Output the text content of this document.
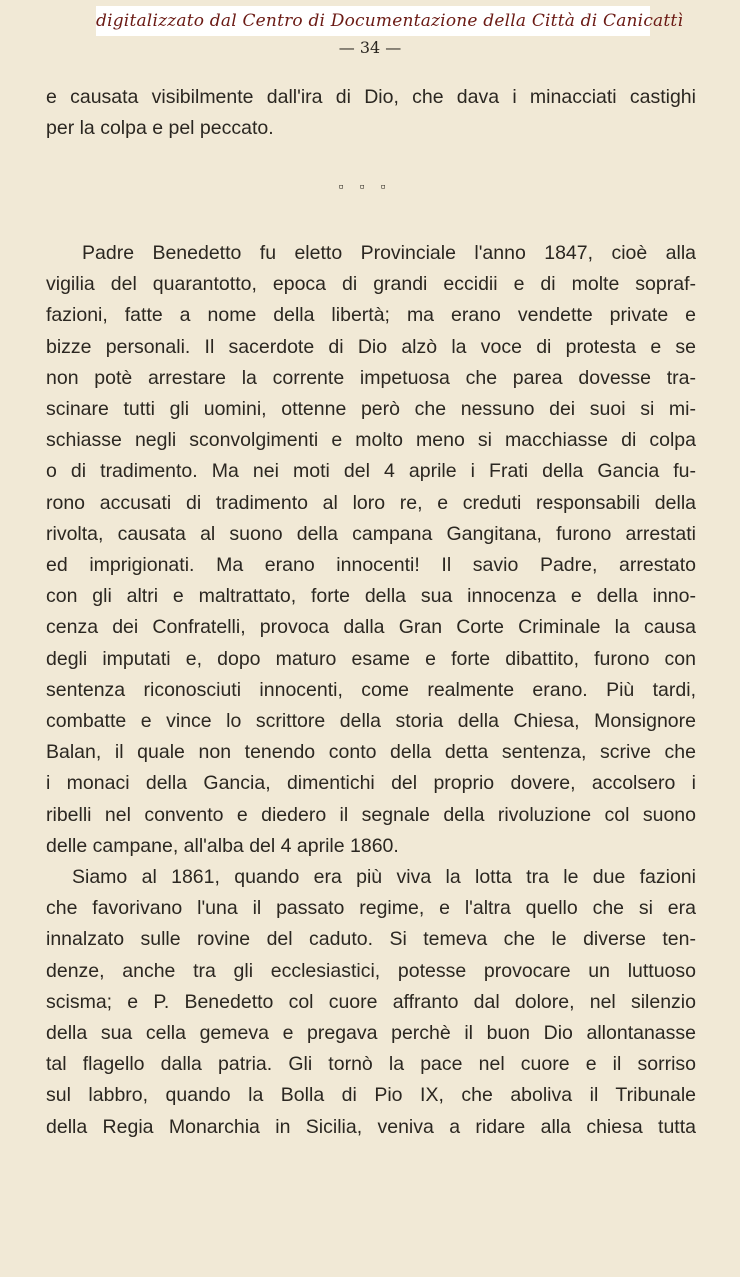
digitalizzato dal Centro di Documentazione della Città di Canicattì
— 34 —
e causata visibilmente dall'ira di Dio, che dava i minacciati castighi
per la colpa e pel peccato.
▫▫▫
Padre Benedetto fu eletto Provinciale l'anno 1847, cioè alla
vigilia del quarantotto, epoca di grandi eccidii e di molte sopraf-
fazioni, fatte a nome della libertà; ma erano vendette private e
bizze personali. Il sacerdote di Dio alzò la voce di protesta e se
non potè arrestare la corrente impetuosa che parea dovesse tra-
scinare tutti gli uomini, ottenne però che nessuno dei suoi si mi-
schiasse negli sconvolgimenti e molto meno si macchiasse di colpa
o di tradimento. Ma nei moti del 4 aprile i Frati della Gancia fu-
rono accusati di tradimento al loro re, e creduti responsabili della
rivolta, causata al suono della campana Gangitana, furono arrestati
ed imprigionati. Ma erano innocenti! Il savio Padre, arrestato
con gli altri e maltrattato, forte della sua innocenza e della inno-
cenza dei Confratelli, provoca dalla Gran Corte Criminale la causa
degli imputati e, dopo maturo esame e forte dibattito, furono con
sentenza riconosciuti innocenti, come realmente erano. Più tardi,
combatte e vince lo scrittore della storia della Chiesa, Monsignore
Balan, il quale non tenendo conto della detta sentenza, scrive che
i monaci della Gancia, dimentichi del proprio dovere, accolsero i
ribelli nel convento e diedero il segnale della rivoluzione col suono
delle campane, all'alba del 4 aprile 1860.
Siamo al 1861, quando era più viva la lotta tra le due fazioni
che favorivano l'una il passato regime, e l'altra quello che si era
innalzato sulle rovine del caduto. Si temeva che le diverse ten-
denze, anche tra gli ecclesiastici, potesse provocare un luttuoso
scisma; e P. Benedetto col cuore affranto dal dolore, nel silenzio
della sua cella gemeva e pregava perchè il buon Dio allontanasse
tal flagello dalla patria. Gli tornò la pace nel cuore e il sorriso
sul labbro, quando la Bolla di Pio IX, che aboliva il Tribunale
della Regia Monarchia in Sicilia, veniva a ridare alla chiesa tutta
